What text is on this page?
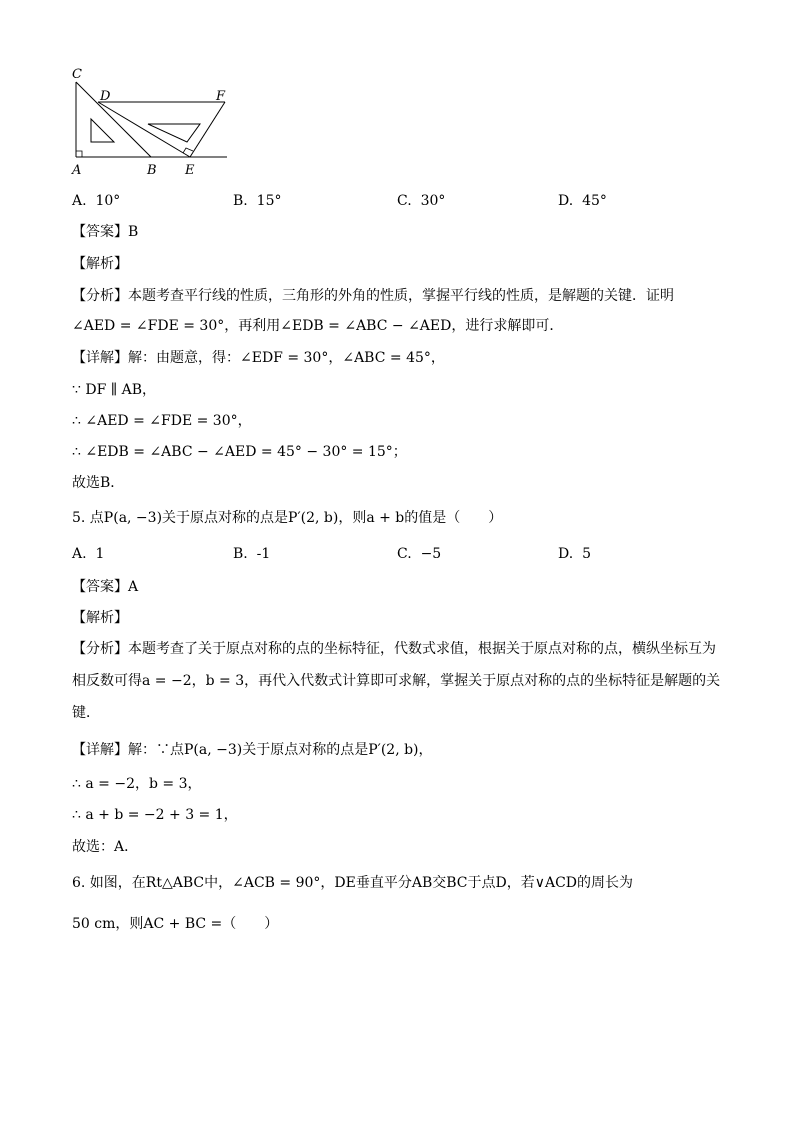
C
D	F
A	B E
A. 10°	B. 15°	C. 30°	D. 45°
【答案】B
【解析】
【分析】本题考查平行线的性质，三角形的外角的性质，掌握平行线的性质，是解题的关键．证明
∠AED = ∠FDE = 30°，再利用∠EDB = ∠ABC − ∠AED，进行求解即可．
【详解】解：由题意，得：∠EDF = 30°，∠ABC = 45°，
∵ DF ∥ AB，
∴ ∠AED = ∠FDE = 30°，
∴ ∠EDB = ∠ABC − ∠AED = 45° − 30° = 15°；
故选B．
5. 点P(a, −3)关于原点对称的点是P′(2, b)，则a + b的值是（　　）
A. 1	B. -1	C. −5	D. 5
【答案】A
【解析】
【分析】本题考查了关于原点对称的点的坐标特征，代数式求值，根据关于原点对称的点，横纵坐标互为
相反数可得a = −2，b = 3，再代入代数式计算即可求解，掌握关于原点对称的点的坐标特征是解题的关
键．
【详解】解：∵点P(a, −3)关于原点对称的点是P′(2, b)，
∴ a = −2，b = 3，
∴ a + b = −2 + 3 = 1，
故选：A．
6. 如图，在Rt△ABC中，∠ACB = 90°，DE垂直平分AB交BC于点D，若∨ACD的周长为
50 cm，则AC + BC =（　　）
